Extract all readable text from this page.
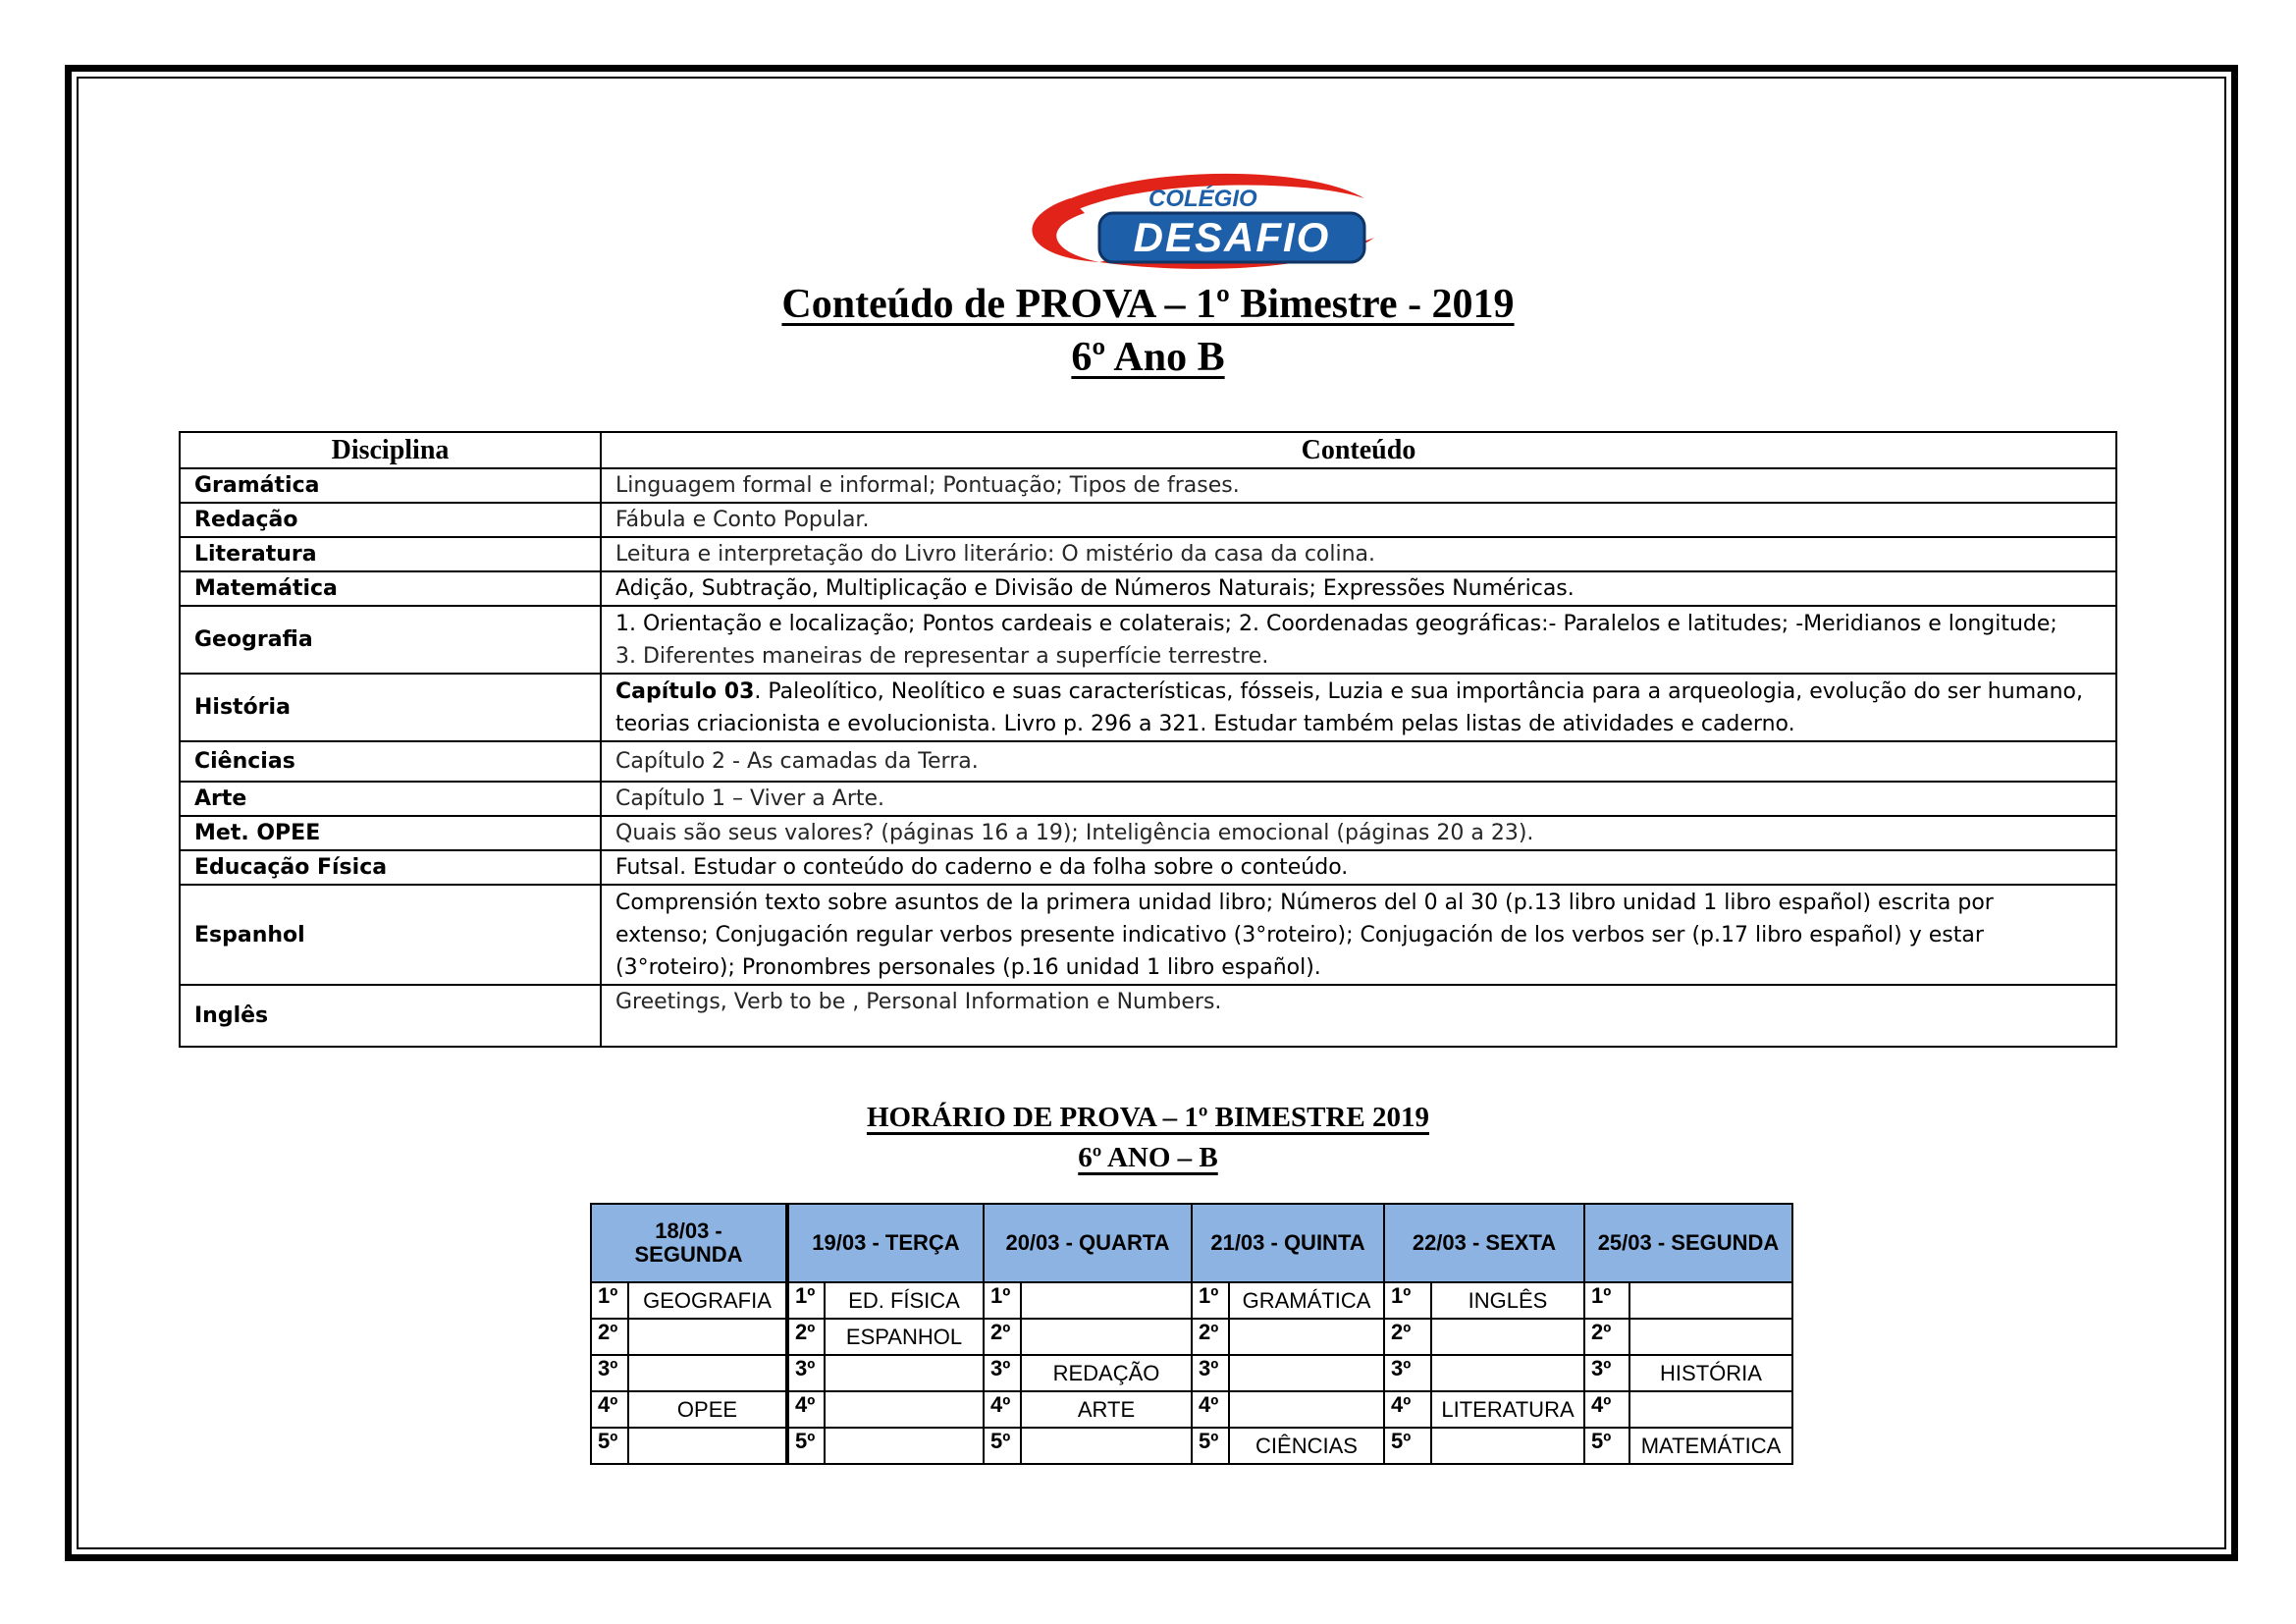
COLÉGIO
DESAFIO
Conteúdo de PROVA – 1º Bimestre - 2019
6º Ano B
Disciplina	Conteúdo
Gramática	Linguagem formal e informal; Pontuação; Tipos de frases.
Redação	Fábula e Conto Popular.
Literatura	Leitura e interpretação do Livro literário: O mistério da casa da colina.
Matemática	Adição, Subtração, Multiplicação e Divisão de Números Naturais; Expressões Numéricas.
Geografia	1. Orientação e localização; Pontos cardeais e colaterais; 2. Coordenadas geográficas:- Paralelos e latitudes; -Meridianos e longitude;
3. Diferentes maneiras de representar a superfície terrestre.

História	Capítulo 03. Paleolítico, Neolítico e suas características, fósseis, Luzia e sua importância para a arqueologia, evolução do ser humano,
teorias criacionista e evolucionista. Livro p. 296 a 321. Estudar também pelas listas de atividades e caderno.

Ciências	Capítulo 2 - As camadas da Terra.
Arte	Capítulo 1 – Viver a Arte.
Met. OPEE	Quais são seus valores? (páginas 16 a 19); Inteligência emocional (páginas 20 a 23).
Educação Física	Futsal. Estudar o conteúdo do caderno e da folha sobre o conteúdo.
Espanhol	Comprensión texto sobre asuntos de la primera unidad libro; Números del 0 al 30 (p.13 libro unidad 1 libro español) escrita por
extenso; Conjugación regular verbos presente indicativo (3°roteiro); Conjugación de los verbos ser (p.17 libro español) y estar
(3°roteiro); Pronombres personales (p.16 unidad 1 libro español).

Inglês	Greetings, Verb to be , Personal Information e Numbers.
HORÁRIO DE PROVA – 1º BIMESTRE 2019
6º ANO – B
18/03 - SEGUNDA		19/03 - TERÇA		20/03 - QUARTA		21/03 - QUINTA		22/03 - SEXTA		25/03 - SEGUNDA	
1º	GEOGRAFIA	1º	ED. FÍSICA	1º		1º	GRAMÁTICA	1º	INGLÊS	1º	
2º		2º	ESPANHOL	2º		2º		2º		2º	
3º		3º		3º	REDAÇÃO	3º		3º		3º	HISTÓRIA
4º	OPEE	4º		4º	ARTE	4º		4º	LITERATURA	4º	
5º		5º		5º		5º	CIÊNCIAS	5º		5º	MATEMÁTICA
